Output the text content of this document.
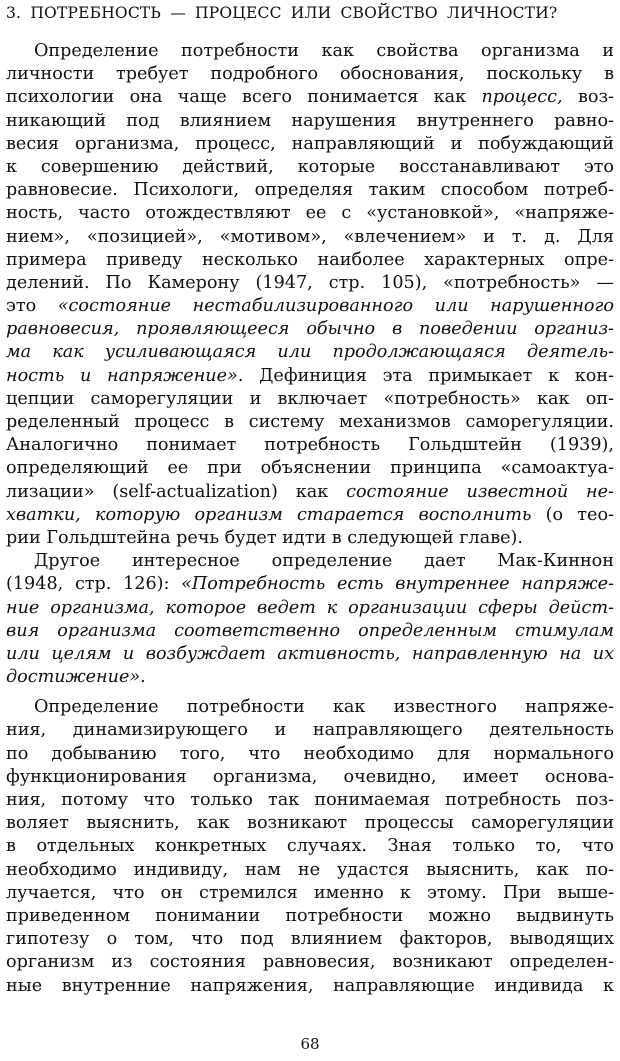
3. ПОТРЕБНОСТЬ — ПРОЦЕСС ИЛИ СВОЙСТВО ЛИЧНОСТИ?
Определение потребности как свойства организма и
личности требует подробного обоснования, поскольку в
психологии она чаще всего понимается как процесс, воз-
никающий под влиянием нарушения внутреннего равно-
весия организма, процесс, направляющий и побуждающий
к совершению действий, которые восстанавливают это
равновесие. Психологи, определяя таким способом потреб-
ность, часто отождествляют ее с «установкой», «напряже-
нием», «позицией», «мотивом», «влечением» и т. д. Для
примера приведу несколько наиболее характерных опре-
делений. По Камерону (1947, стр. 105), «потребность» —
это «состояние нестабилизированного или нарушенного
равновесия, проявляющееся обычно в поведении организ-
ма как усиливающаяся или продолжающаяся деятель-
ность и напряжение». Дефиниция эта примыкает к кон-
цепции саморегуляции и включает «потребность» как оп-
ределенный процесс в систему механизмов саморегуляции.
Аналогично понимает потребность Гольдштейн (1939),
определяющий ее при объяснении принципа «самоактуа-
лизации» (self-actualization) как состояние известной не-
хватки, которую организм старается восполнить (о тео-
рии Гольдштейна речь будет идти в следующей главе).
Другое интересное определение дает Мак-Киннон
(1948, стр. 126): «Потребность есть внутреннее напряже-
ние организма, которое ведет к организации сферы дейст-
вия организма соответственно определенным стимулам
или целям и возбуждает активность, направленную на их
достижение».
Определение потребности как известного напряже-
ния, динамизирующего и направляющего деятельность
по добыванию того, что необходимо для нормального
функционирования организма, очевидно, имеет основа-
ния, потому что только так понимаемая потребность поз-
воляет выяснить, как возникают процессы саморегуляции
в отдельных конкретных случаях. Зная только то, что
необходимо индивиду, нам не удастся выяснить, как по-
лучается, что он стремился именно к этому. При выше-
приведенном понимании потребности можно выдвинуть
гипотезу о том, что под влиянием факторов, выводящих
организм из состояния равновесия, возникают определен-
ные внутренние напряжения, направляющие индивида к
68
